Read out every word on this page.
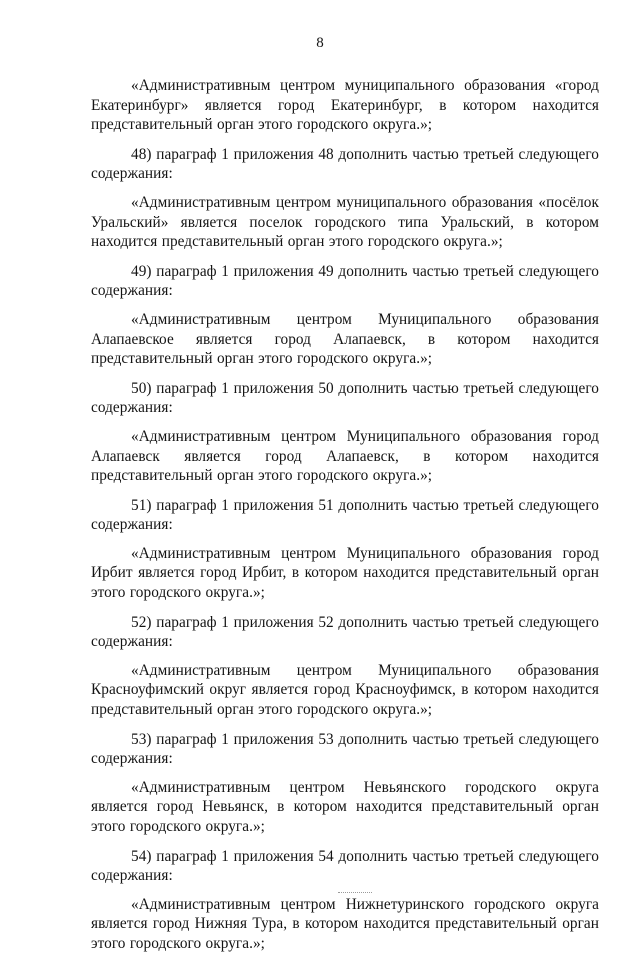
8

«Административным центром муниципального образования «город Екатеринбург» является город Екатеринбург, в котором находится представительный орган этого городского округа.»;

48) параграф 1 приложения 48 дополнить частью третьей следующего содержания:

«Административным центром муниципального образования «посёлок Уральский» является поселок городского типа Уральский, в котором находится представительный орган этого городского округа.»;

49) параграф 1 приложения 49 дополнить частью третьей следующего содержания:

«Административным центром Муниципального образования Алапаевское является город Алапаевск, в котором находится представительный орган этого городского округа.»;

50) параграф 1 приложения 50 дополнить частью третьей следующего содержания:

«Административным центром Муниципального образования город Алапаевск является город Алапаевск, в котором находится представительный орган этого городского округа.»;

51) параграф 1 приложения 51 дополнить частью третьей следующего содержания:

«Административным центром Муниципального образования город Ирбит является город Ирбит, в котором находится представительный орган этого городского округа.»;

52) параграф 1 приложения 52 дополнить частью третьей следующего содержания:

«Административным центром Муниципального образования Красноуфимский округ является город Красноуфимск, в котором находится представительный орган этого городского округа.»;

53) параграф 1 приложения 53 дополнить частью третьей следующего содержания:

«Административным центром Невьянского городского округа является город Невьянск, в котором находится представительный орган этого городского округа.»;

54) параграф 1 приложения 54 дополнить частью третьей следующего содержания:

«Административным центром Нижнетуринского городского округа является город Нижняя Тура, в котором находится представительный орган этого городского округа.»;
